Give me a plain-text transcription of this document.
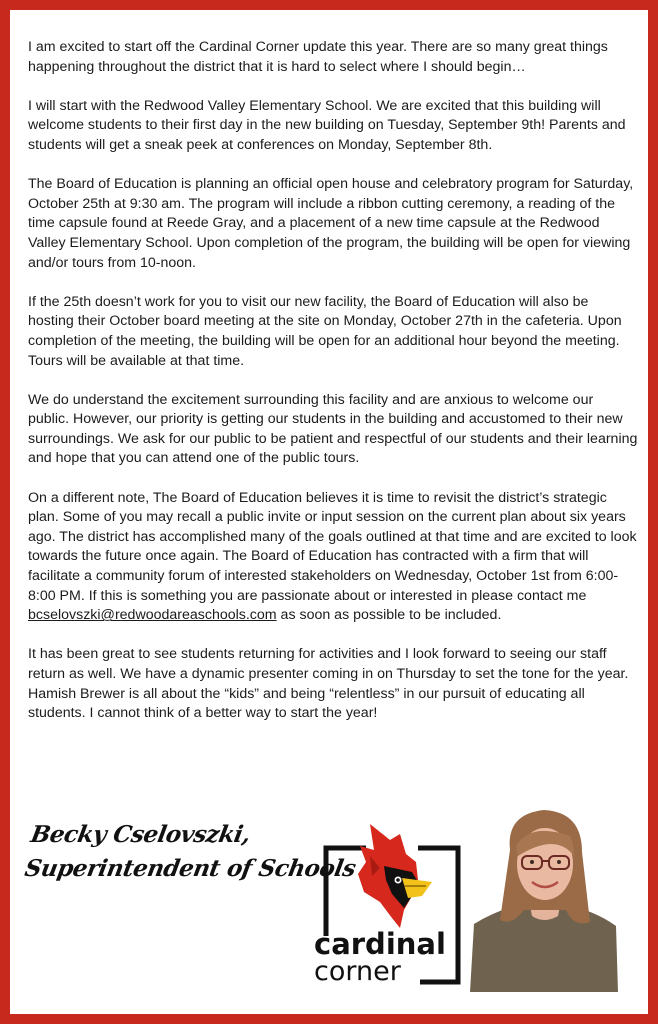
I am excited to start off the Cardinal Corner update this year. There are so many great things happening throughout the district that it is hard to select where I should begin…

I will start with the Redwood Valley Elementary School. We are excited that this building will welcome students to their first day in the new building on Tuesday, September 9th! Parents and students will get a sneak peek at conferences on Monday, September 8th.

The Board of Education is planning an official open house and celebratory program for Saturday, October 25th at 9:30 am. The program will include a ribbon cutting ceremony, a reading of the time capsule found at Reede Gray, and a placement of a new time capsule at the Redwood Valley Elementary School. Upon completion of the program, the building will be open for viewing and/or tours from 10-noon.

If the 25th doesn’t work for you to visit our new facility, the Board of Education will also be hosting their October board meeting at the site on Monday, October 27th in the cafeteria. Upon completion of the meeting, the building will be open for an additional hour beyond the meeting. Tours will be available at that time.

We do understand the excitement surrounding this facility and are anxious to welcome our public. However, our priority is getting our students in the building and accustomed to their new surroundings. We ask for our public to be patient and respectful of our students and their learning and hope that you can attend one of the public tours.

On a different note, The Board of Education believes it is time to revisit the district’s strategic plan. Some of you may recall a public invite or input session on the current plan about six years ago. The district has accomplished many of the goals outlined at that time and are excited to look towards the future once again. The Board of Education has contracted with a firm that will facilitate a community forum of interested stakeholders on Wednesday, October 1st from 6:00-8:00 PM. If this is something you are passionate about or interested in please contact me bcselovszki@redwoodareaschools.com as soon as possible to be included.

It has been great to see students returning for activities and I look forward to seeing our staff return as well. We have a dynamic presenter coming in on Thursday to set the tone for the year. Hamish Brewer is all about the “kids” and being “relentless” in our pursuit of educating all students. I cannot think of a better way to start the year!

Becky Cselovszki,
Superintendent of Schools
cardinal
corner
